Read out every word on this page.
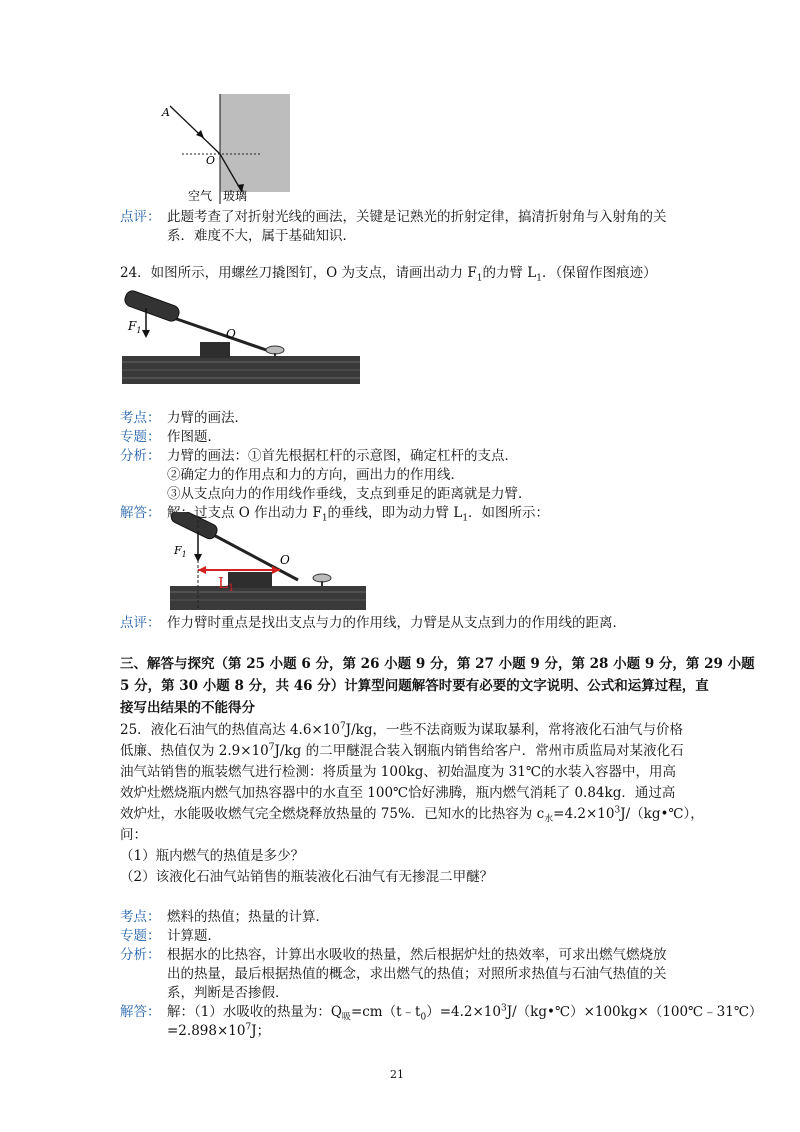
A
O
空气 玻璃
点评： 此题考查了对折射光线的画法，关键是记熟光的折射定律，搞清折射角与入射角的关
系．难度不大，属于基础知识．
24．如图所示，用螺丝刀撬图钉，O 为支点，请画出动力 $F_1$的力臂 $L_1$．（保留作图痕迹）
$F_1$	O
考点： 力臂的画法．
专题： 作图题．
分析： 力臂的画法：①首先根据杠杆的示意图，确定杠杆的支点．
②确定力的作用点和力的方向，画出力的作用线．
③从支点向力的作用线作垂线，支点到垂足的距离就是力臂．
解答： 解：过支点 O 作出动力 $F_1$的垂线，即为动力臂 $L_1$．如图所示：
$F_1$	O
$L_1$
点评： 作力臂时重点是找出支点与力的作用线，力臂是从支点到力的作用线的距离．
三、解答与探究（第 25 小题 6 分，第 26 小题 9 分，第 27 小题 9 分，第 28 小题 9 分，第 29 小题
5 分，第 30 小题 8 分，共 46 分）计算型问题解答时要有必要的文字说明、公式和运算过程，直
接写出结果的不能得分
25．液化石油气的热值高达 $4.6\times 10^7J/kg$，一些不法商贩为谋取暴利，常将液化石油气与价格
低廉、热值仅为 $2.9\times 10^7J/kg$ 的二甲醚混合装入钢瓶内销售给客户．常州市质监局对某液化石
油气站销售的瓶装燃气进行检测：将质量为 100kg、初始温度为 31℃的水装入容器中，用高
效炉灶燃烧瓶内燃气加热容器中的水直至 100℃恰好沸腾，瓶内燃气消耗了 0.84kg．通过高
效炉灶，水能吸收燃气完全燃烧释放热量的 75%．已知水的比热容为 $c_水=4.2\times 10^3J/(kg•℃)$，
问：
（1）瓶内燃气的热值是多少？
（2）该液化石油气站销售的瓶装液化石油气有无掺混二甲醚？
考点： 燃料的热值；热量的计算．
专题： 计算题．
分析： 根据水的比热容，计算出水吸收的热量，然后根据炉灶的热效率，可求出燃气燃烧放
出的热量，最后根据热值的概念，求出燃气的热值；对照所求热值与石油气热值的关
系，判断是否掺假．
解答： 解：（1）水吸收的热量为：$Q_吸=cm(t﹣t_0)=4.2\times 10^3J/(kg•℃)\times 100kg\times(100℃﹣31℃)$
$=2.898\times 10^7J$；
21
